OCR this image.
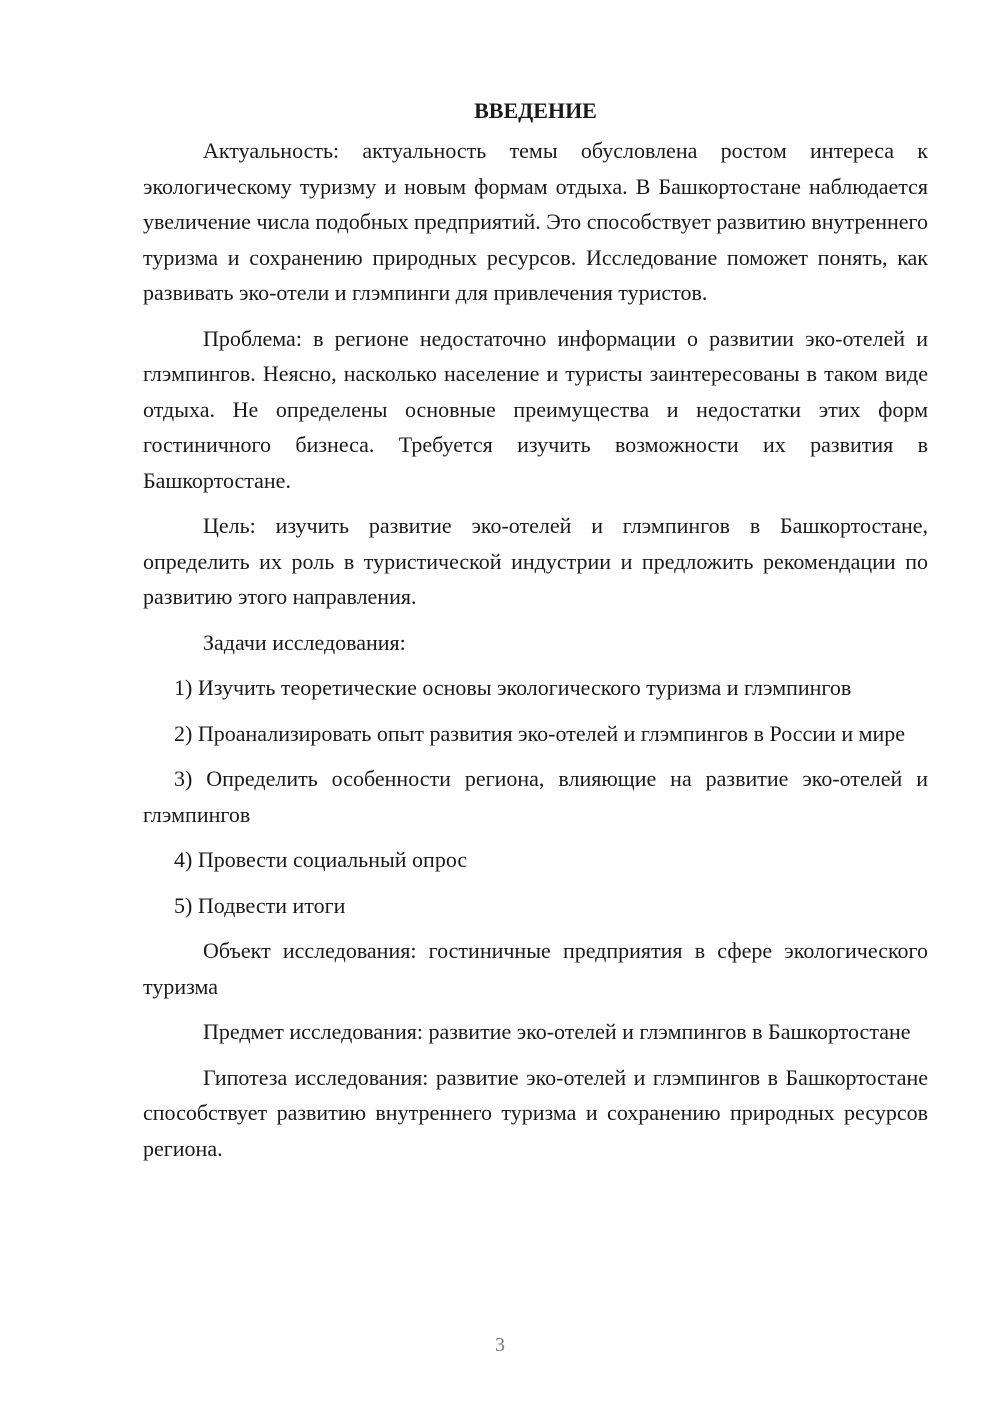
ВВЕДЕНИЕ

Актуальность: актуальность темы обусловлена ростом интереса к экологическому туризму и новым формам отдыха. В Башкортостане наблюдается увеличение числа подобных предприятий. Это способствует развитию внутреннего туризма и сохранению природных ресурсов. Исследование поможет понять, как развивать эко-отели и глэмпинги для привлечения туристов.

Проблема: в регионе недостаточно информации о развитии эко-отелей и глэмпингов. Неясно, насколько население и туристы заинтересованы в таком виде отдыха. Не определены основные преимущества и недостатки этих форм гостиничного бизнеса. Требуется изучить возможности их развития в Башкортостане.

Цель: изучить развитие эко-отелей и глэмпингов в Башкортостане, определить их роль в туристической индустрии и предложить рекомендации по развитию этого направления.

Задачи исследования:

1) Изучить теоретические основы экологического туризма и глэмпингов

2) Проанализировать опыт развития эко-отелей и глэмпингов в России и мире

3) Определить особенности региона, влияющие на развитие эко-отелей и глэмпингов

4) Провести социальный опрос

5) Подвести итоги

Объект исследования: гостиничные предприятия в сфере экологического туризма

Предмет исследования: развитие эко-отелей и глэмпингов в Башкортостане

Гипотеза исследования: развитие эко-отелей и глэмпингов в Башкортостане способствует развитию внутреннего туризма и сохранению природных ресурсов региона.

3
